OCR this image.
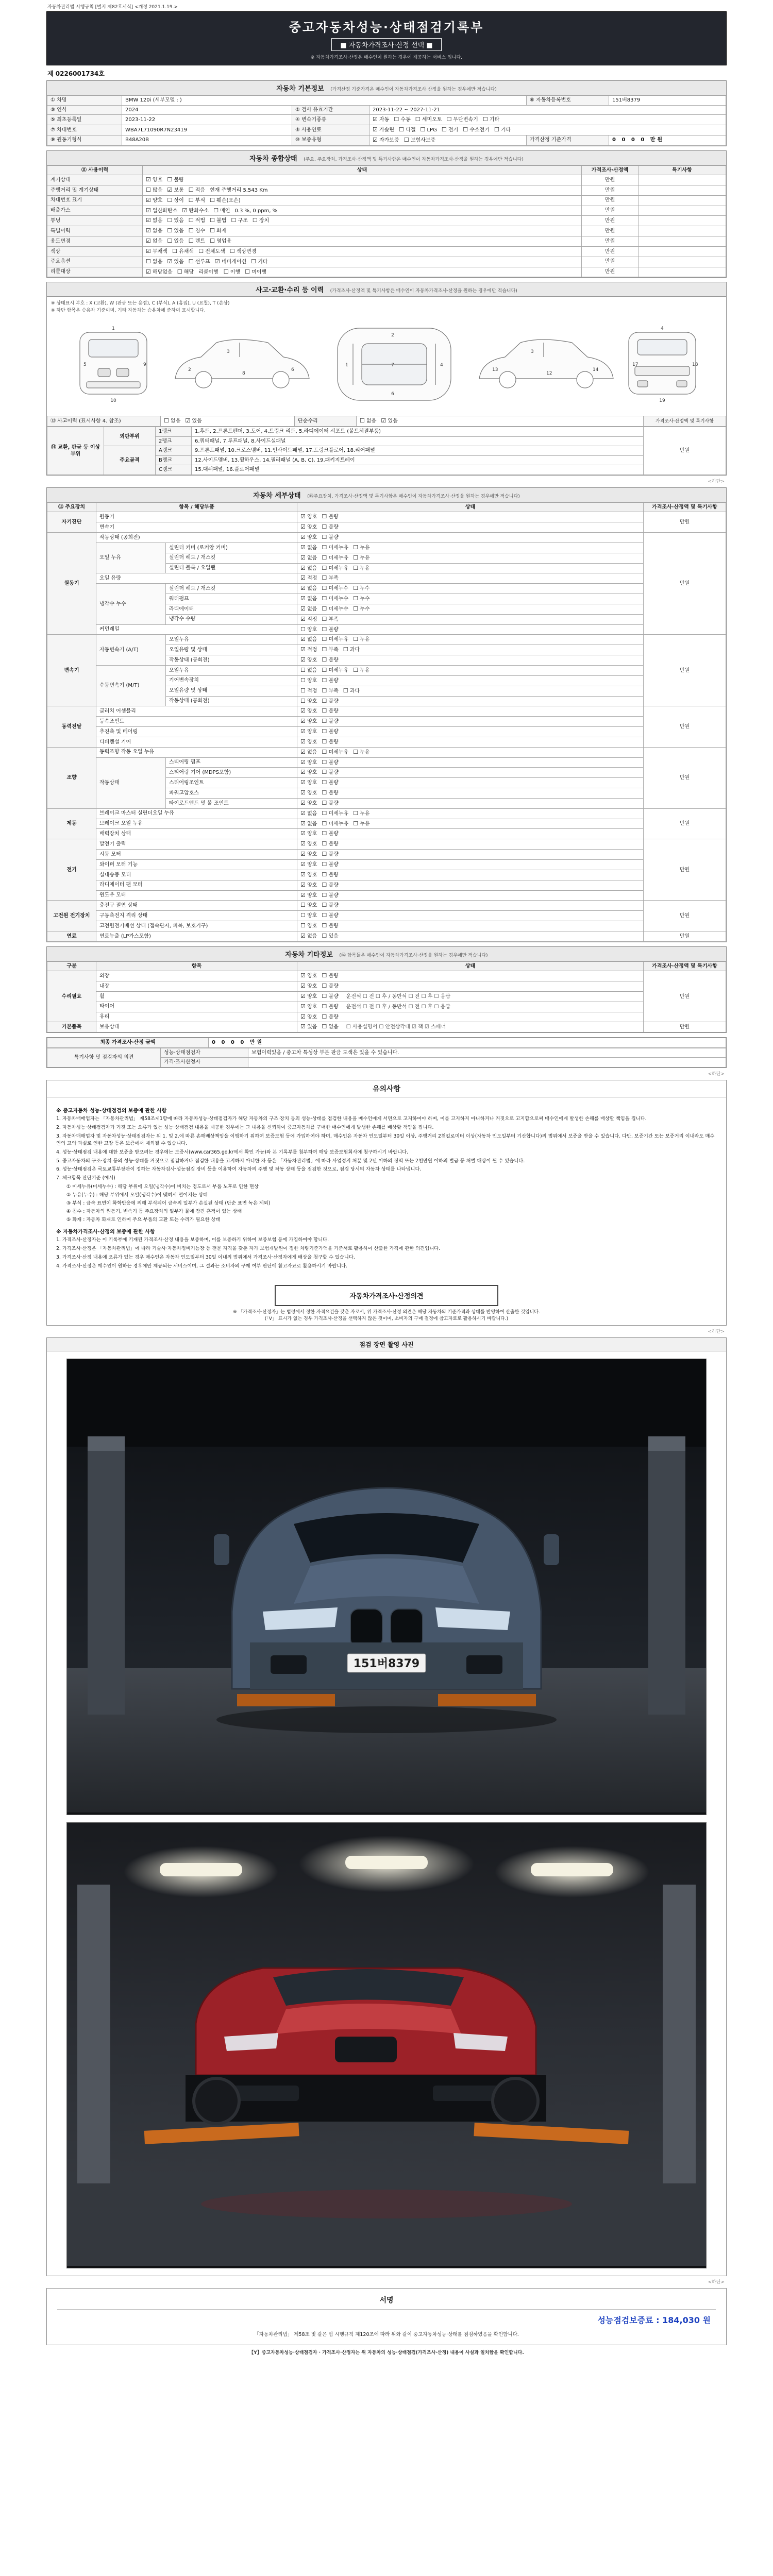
자동차관리법 시행규칙 [별지 제82호서식] <개정 2021.1.19.>
중고자동차성능·상태점검기록부
■ 자동차가격조사·산정 선택 ■
※ 자동차가격조사·산정은 매수인이 원하는 경우에 제공하는 서비스 입니다.
제 0226001734호
자동차 기본정보 (가격산정 기준가격은 매수인이 자동차가격조사·산정을 원하는 경우에만 적습니다)
① 차명	BMW 120i (세부모델 : )			⑥ 자동차등록번호	151버8379
③ 연식	2024	② 검사 유효기간	2023-11-22 ~ 2027-11-21		
⑤ 최초등록일	2023-11-22	④ 변속기종류	☑ 자동 ☐ 수동 ☐ 세미오토 ☐ 무단변속기 ☐ 기타		
⑦ 차대번호	WBA7L71090R7N23419	⑧ 사용연료	☑ 가솔린 ☐ 디젤 ☐ LPG ☐ 전기 ☐ 수소전기 ☐ 기타		
⑨ 원동기형식	B48A20B	⑩ 보증유형	☑ 자가보증 ☐ 보험사보증	가격산정 기준가격	0 0 0 0 만원
자동차 종합상태 (주요. 주요장치, 가격조사·산정액 및 특기사항은 매수인이 자동차가격조사·산정을 원하는 경우에만 적습니다)
⑪ 사용이력	상태	가격조사·산정액	특기사항
계기상태	☑ 양호 ☐ 불량	만원	
주행거리 및 계기상태	☐ 많음 ☑ 보통 ☐ 적음 현재 주행거리 5,543 Km	만원	
차대번호 표기	☑ 양호 ☐ 상이 ☐ 부식 ☐ 훼손(오손)	만원	
배출가스	☑ 일산화탄소 ☑ 탄화수소 ☐ 매연 0.3 %, 0 ppm, %	만원	
튜닝	☑ 없음 ☐ 있음 ☐ 적법 ☐ 불법 ☐ 구조 ☐ 장치	만원	
특별이력	☑ 없음 ☐ 있음 ☐ 침수 ☐ 화재	만원	
용도변경	☑ 없음 ☐ 있음 ☐ 렌트 ☐ 영업용	만원	
색상	☑ 무채색 ☐ 유채색 ☐ 전체도색 ☐ 색상변경	만원	
주요옵션	☐ 없음 ☑ 있음 ☐ 선루프 ☑ 네비게이션 ☐ 기타	만원	
리콜대상	☑ 해당없음 ☐ 해당 리콜이행 ☐ 이행 ☐ 미이행	만원	
사고·교환·수리 등 이력 (가격조사·산정액 및 특기사항은 매수인이 자동차가격조사·산정을 원하는 경우에만 적습니다)
※ 상태표시 부호 : X (교환), W (판금 또는 용접), C (부식), A (흠집), U (요철), T (손상)
※ 하단 항목은 승용차 기준이며, 기타 자동차는 승용차에 준하여 표시합니다.
1
5	9
10
3
2	6
8
1	7	4
2
6
3
13	14
12
4
17	18
19
⑬ 사고이력 (표시사항 4. 참조)	☐ 없음 ☑ 있음	단순수리	☐ 없음 ☑ 있음	가격조사·산정액 및 특기사항
⑭ 교환, 판금 등 이상 부위	외판부위	1랭크	1.후드, 2.프론트펜더, 3.도어, 4.트렁크 리드, 5.라디에이터 서포트 (볼트체결부품)	만원
		2랭크	6.쿼터패널, 7.루프패널, 8.사이드실패널	
	주요골격	A랭크	9.프론트패널, 10.크로스멤버, 11.인사이드패널, 17.트렁크플로어, 18.리어패널	
		B랭크	12.사이드멤버, 13.휠하우스, 14.필러패널 (A, B, C), 19.패키지트레이	
		C랭크	15.대쉬패널, 16.플로어패널	
<하단>
자동차 세부상태 (⑮주요장치, 가격조사·산정액 및 특기사항은 매수인이 자동차가격조사·산정을 원하는 경우에만 적습니다)
⑮ 주요장치	항목 / 해당부품		상태	가격조사·산정액 및 특기사항
자기진단	원동기		☑ 양호 ☐ 불량	만원
	변속기		☑ 양호 ☐ 불량	
원동기	작동상태 (공회전)		☑ 양호 ☐ 불량	만원
	오일 누유	실린더 커버 (로커암 커버)	☑ 없음 ☐ 미세누유 ☐ 누유	
		실린더 헤드 / 개스킷	☑ 없음 ☐ 미세누유 ☐ 누유	
		실린더 블록 / 오일팬	☑ 없음 ☐ 미세누유 ☐ 누유	
	오일 유량		☑ 적정 ☐ 부족	
	냉각수 누수	실린더 헤드 / 개스킷	☑ 없음 ☐ 미세누수 ☐ 누수	
		워터펌프	☑ 없음 ☐ 미세누수 ☐ 누수	
		라디에이터	☑ 없음 ☐ 미세누수 ☐ 누수	
		냉각수 수량	☑ 적정 ☐ 부족	
	커먼레일		☐ 양호 ☐ 불량	
변속기	자동변속기 (A/T)	오일누유	☑ 없음 ☐ 미세누유 ☐ 누유	만원
		오일유량 및 상태	☑ 적정 ☐ 부족 ☐ 과다	
		작동상태 (공회전)	☑ 양호 ☐ 불량	
	수동변속기 (M/T)	오일누유	☐ 없음 ☐ 미세누유 ☐ 누유	
		기어변속장치	☐ 양호 ☐ 불량	
		오일유량 및 상태	☐ 적정 ☐ 부족 ☐ 과다	
		작동상태 (공회전)	☐ 양호 ☐ 불량	
동력전달	클러치 어셈블리		☑ 양호 ☐ 불량	만원
	등속조인트		☑ 양호 ☐ 불량	
	추진축 및 베어링		☑ 양호 ☐ 불량	
	디퍼렌셜 기어		☑ 양호 ☐ 불량	
조향	동력조향 작동 오일 누유		☑ 없음 ☐ 미세누유 ☐ 누유	만원
	작동상태	스티어링 펌프	☑ 양호 ☐ 불량	
		스티어링 기어 (MDPS포함)	☑ 양호 ☐ 불량	
		스티어링조인트	☑ 양호 ☐ 불량	
		파워고압호스	☑ 양호 ☐ 불량	
		타이로드엔드 및 볼 조인트	☑ 양호 ☐ 불량	
제동	브레이크 마스터 실린더오일 누유		☑ 없음 ☐ 미세누유 ☐ 누유	만원
	브레이크 오일 누유		☑ 없음 ☐ 미세누유 ☐ 누유	
	배력장치 상태		☑ 양호 ☐ 불량	
전기	발전기 출력		☑ 양호 ☐ 불량	만원
	시동 모터		☑ 양호 ☐ 불량	
	와이퍼 모터 기능		☑ 양호 ☐ 불량	
	실내송풍 모터		☑ 양호 ☐ 불량	
	라디에이터 팬 모터		☑ 양호 ☐ 불량	
	윈도우 모터		☑ 양호 ☐ 불량	
고전원 전기장치	충전구 절연 상태		☐ 양호 ☐ 불량	만원
	구동축전지 격리 상태		☐ 양호 ☐ 불량	
	고전원전기배선 상태 (접속단자, 피복, 보호기구)		☐ 양호 ☐ 불량	
연료	연료누출 (LP가스포함)		☑ 없음 ☐ 있음	만원
자동차 기타정보 (⑯ 항목들은 매수인이 자동차가격조사·산정을 원하는 경우에만 적습니다)
구분	항목	상태	가격조사·산정액 및 특기사항
수리필요	외장	☑ 양호 ☐ 불량	만원
	내장	☑ 양호 ☐ 불량	
	휠	☑ 양호 ☐ 불량 운전석 ☐ 전 ☐ 후 / 동반석 ☐ 전 ☐ 후 ☐ 응급	
	타이어	☑ 양호 ☐ 불량 운전석 ☐ 전 ☐ 후 / 동반석 ☐ 전 ☐ 후 ☐ 응급	
	유리	☑ 양호 ☐ 불량	
기본품목	보유상태	☑ 있음 ☐ 없음 ☐ 사용설명서 ☐ 안전삼각대 ☑ 잭 ☑ 스패너	만원
최종 가격조사·산정 금액	0 0 0 0 만원
특기사항 및 점검자의 의견	성능·상태점검자	보험이력있음 / 중고차 특성상 부분 판금 도색은 있을 수 있습니다.
	가격·조사산정자	
<하단>
유의사항
※ 중고자동차 성능·상태점검의 보증에 관한 사항
1. 자동차매매업자는 「자동차관리법」 제58조제1항에 따라 자동차성능·상태점검자가 해당 자동차의 구조·장치 등의 성능·상태를 점검한 내용을 매수인에게 서면으로 고지하여야 하며, 이를 고지하지 아니하거나 거짓으로 고지함으로써 매수인에게 발생한 손해를 배상할 책임을 집니다.
2. 자동차성능·상태점검자가 거짓 또는 오류가 있는 성능·상태점검 내용을 제공한 경우에는 그 내용을 신뢰하여 중고자동차를 구매한 매수인에게 발생한 손해를 배상할 책임을 집니다.
3. 자동차매매업자 및 자동차성능·상태점검자는 위 1. 및 2.에 따른 손해배상책임을 이행하기 위하여 보증보험 등에 가입하여야 하며, 매수인은 자동차 인도일부터 30일 이상, 주행거리 2천킬로미터 이상(자동차 인도일부터 기산합니다)의 범위에서 보증을 받을 수 있습니다. 다만, 보증기간 또는 보증거리 이내라도 매수인의 고의·과실로 인한 고장 등은 보증에서 제외될 수 있습니다.
4. 성능·상태점검 내용에 대한 보증을 받으려는 경우에는 보증서(www.car365.go.kr에서 확인 가능)와 본 기록부를 첨부하여 해당 보증보험회사에 청구하시기 바랍니다.
5. 중고자동차의 구조·장치 등의 성능·상태를 거짓으로 점검하거나 점검한 내용을 고지하지 아니한 자 등은 「자동차관리법」에 따라 사업정지 처분 및 2년 이하의 징역 또는 2천만원 이하의 벌금 등 처벌 대상이 될 수 있습니다.
6. 성능·상태점검은 국토교통부장관이 정하는 자동차검사·성능점검 장비 등을 이용하여 자동차의 주행 및 작동 상태 등을 점검한 것으로, 점검 당시의 자동차 상태를 나타냅니다.
7. 체크항목 판단기준 (예시)
① 미세누유(미세누수) : 해당 부위에 오일(냉각수)이 비치는 정도로서 부품 노후로 인한 현상
② 누유(누수) : 해당 부위에서 오일(냉각수)이 맺혀서 떨어지는 상태
③ 부식 : 금속 표면이 화학반응에 의해 부식되어 금속의 일부가 손실된 상태 (단순 표면 녹은 제외)
④ 침수 : 자동차의 원동기, 변속기 등 주요장치의 일부가 물에 잠긴 흔적이 있는 상태
⑤ 화재 : 자동차 화재로 인하여 주요 부품의 교환 또는 수리가 필요한 상태
※ 자동차가격조사·산정의 보증에 관한 사항
1. 가격조사·산정자는 이 기록부에 기재된 가격조사·산정 내용을 보증하며, 이를 보증하기 위하여 보증보험 등에 가입하여야 합니다.
2. 가격조사·산정은 「자동차관리법」에 따라 기술사·자동차정비기능장 등 전문 자격을 갖춘 자가 보험개발원이 정한 차량기준가액을 기준서로 활용하여 산출한 가격에 관한 의견입니다.
3. 가격조사·산정 내용에 오류가 있는 경우 매수인은 자동차 인도일부터 30일 이내의 범위에서 가격조사·산정자에게 배상을 청구할 수 있습니다.
4. 가격조사·산정은 매수인이 원하는 경우에만 제공되는 서비스이며, 그 결과는 소비자의 구매 여부 판단에 참고자료로 활용하시기 바랍니다.
자동차가격조사·산정의견
※ 「가격조사·산정자」는 법령에서 정한 자격요건을 갖춘 자로서, 위 가격조사·산정 의견은 해당 자동차의 기준가격과 상태를 반영하여 산출한 것입니다.
(「V」 표시가 없는 경우 가격조사·산정을 선택하지 않은 것이며, 소비자의 구매 결정에 참고자료로 활용하시기 바랍니다.)
<하단>
점검 장면 촬영 사진
151버8379
<하단>
서명
성능점검보증료 : 184,030 원
「자동차관리법」 제58조 및 같은 법 시행규칙 제120조에 따라 위와 같이 중고자동차성능·상태를 점검하였음을 확인합니다.
【Y】중고자동차성능·상태점검자 · 가격조사·산정자는 위 자동차의 성능·상태점검(가격조사·산정) 내용이 사실과 일치함을 확인합니다.
